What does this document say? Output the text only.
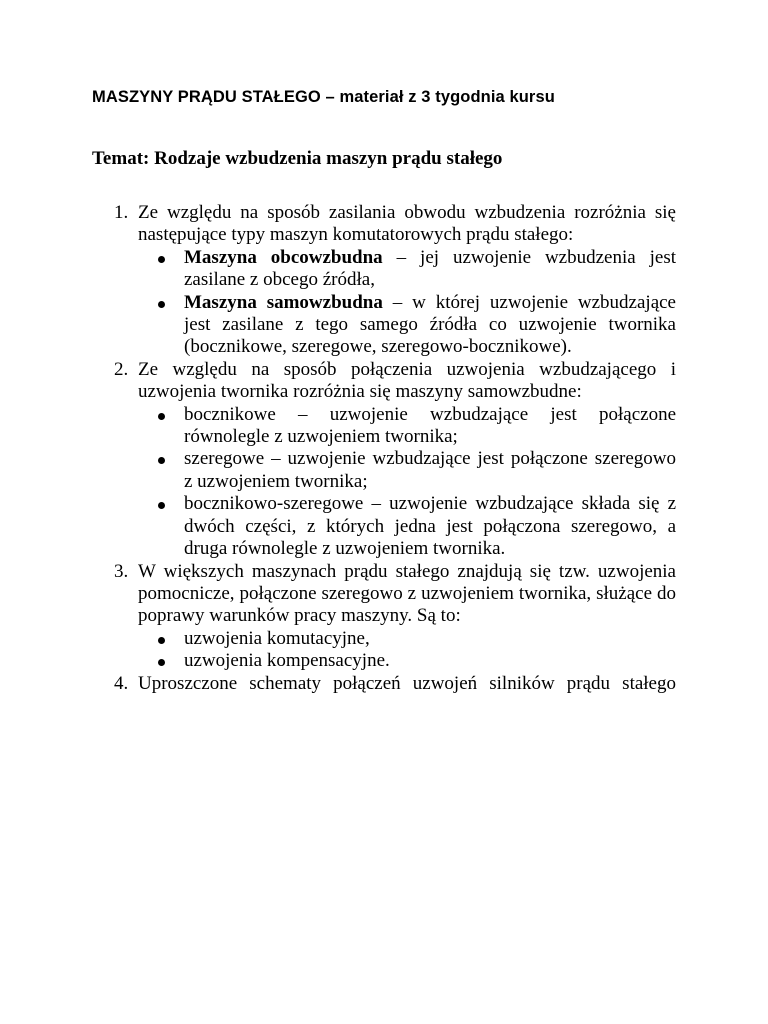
MASZYNY PRĄDU STAŁEGO – materiał z 3 tygodnia kursu
Temat: Rodzaje wzbudzenia maszyn prądu stałego
1. Ze względu na sposób zasilania obwodu wzbudzenia rozróżnia się następujące typy maszyn komutatorowych prądu stałego:
Maszyna obcowzbudna – jej uzwojenie wzbudzenia jest zasilane z obcego źródła,
Maszyna samowzbudna – w której uzwojenie wzbudzające jest zasilane z tego samego źródła co uzwojenie twornika (bocznikowe, szeregowe, szeregowo-bocznikowe).
2. Ze względu na sposób połączenia uzwojenia wzbudzającego i uzwojenia twornika rozróżnia się maszyny samowzbudne:
bocznikowe – uzwojenie wzbudzające jest połączone równolegle z uzwojeniem twornika;
szeregowe – uzwojenie wzbudzające jest połączone szeregowo z uzwojeniem twornika;
bocznikowo-szeregowe – uzwojenie wzbudzające składa się z dwóch części, z których jedna jest połączona szeregowo, a druga równolegle z uzwojeniem twornika.
3. W większych maszynach prądu stałego znajdują się tzw. uzwojenia pomocnicze, połączone szeregowo z uzwojeniem twornika, służące do poprawy warunków pracy maszyny. Są to:
uzwojenia komutacyjne,
uzwojenia kompensacyjne.
4. Uproszczone schematy połączeń uzwojeń silników prądu stałego
